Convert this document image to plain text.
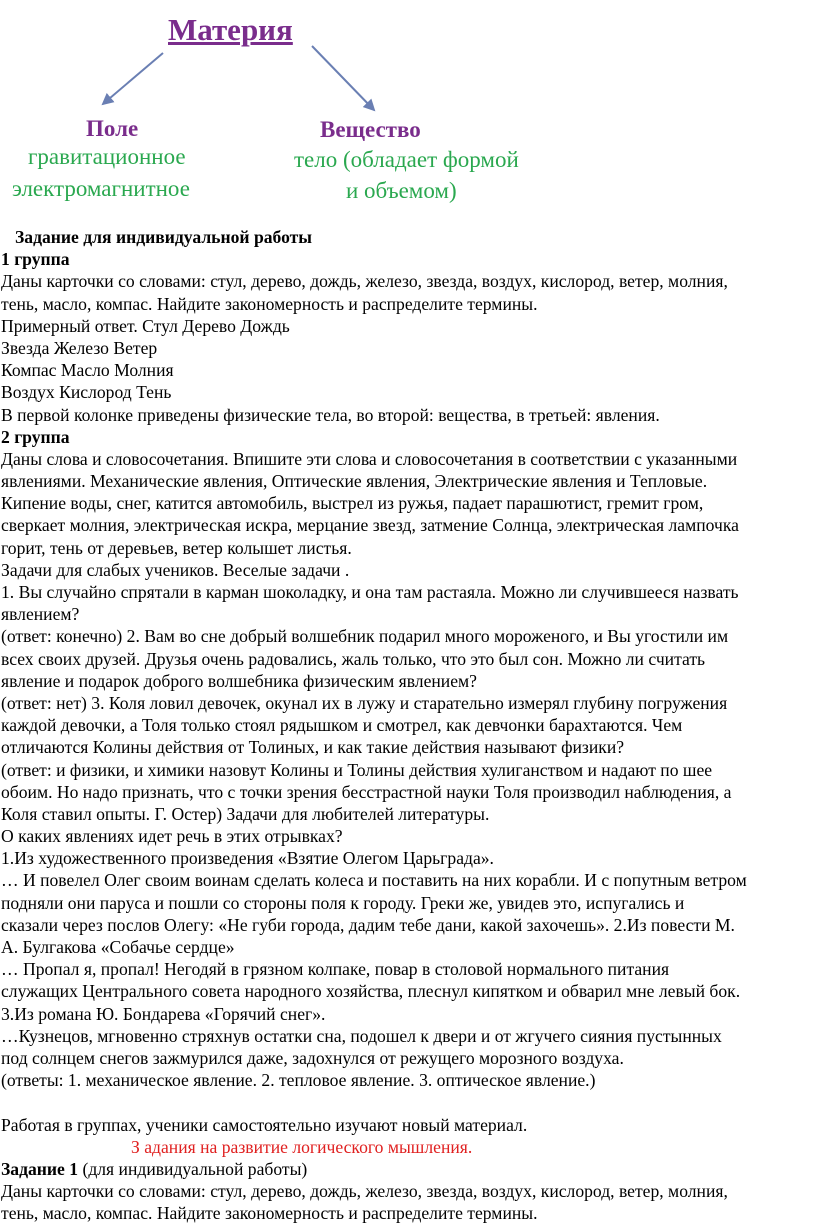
Материя
Поле
гравитационное
электромагнитное
Вещество
тело (обладает формой
и объемом)
Задание для индивидуальной работы
1 группа
Даны карточки со словами: стул, дерево, дождь, железо, звезда, воздух, кислород, ветер, молния,
тень, масло, компас. Найдите закономерность и распределите термины.
Примерный ответ. Стул Дерево Дождь
Звезда Железо Ветер
Компас Масло Молния
Воздух Кислород Тень
В первой колонке приведены физические тела, во второй: вещества, в третьей: явления.
2 группа
Даны слова и словосочетания. Впишите эти слова и словосочетания в соответствии с указанными
явлениями. Механические явления, Оптические явления, Электрические явления и Тепловые.
Кипение воды, снег, катится автомобиль, выстрел из ружья, падает парашютист, гремит гром,
сверкает молния, электрическая искра, мерцание звезд, затмение Солнца, электрическая лампочка
горит, тень от деревьев, ветер колышет листья.
Задачи для слабых учеников. Веселые задачи .
1. Вы случайно спрятали в карман шоколадку, и она там растаяла. Можно ли случившееся назвать
явлением?
(ответ: конечно) 2. Вам во сне добрый волшебник подарил много мороженого, и Вы угостили им
всех своих друзей. Друзья очень радовались, жаль только, что это был сон. Можно ли считать
явление и подарок доброго волшебника физическим явлением?
(ответ: нет) 3. Коля ловил девочек, окунал их в лужу и старательно измерял глубину погружения
каждой девочки, а Толя только стоял рядышком и смотрел, как девчонки барахтаются. Чем
отличаются Колины действия от Толиных, и как такие действия называют физики?
(ответ: и физики, и химики назовут Колины и Толины действия хулиганством и надают по шее
обоим. Но надо признать, что с точки зрения бесстрастной науки Толя производил наблюдения, а
Коля ставил опыты. Г. Остер) Задачи для любителей литературы.
О каких явлениях идет речь в этих отрывках?
1.Из художественного произведения «Взятие Олегом Царьграда».
… И повелел Олег своим воинам сделать колеса и поставить на них корабли. И с попутным ветром
подняли они паруса и пошли со стороны поля к городу. Греки же, увидев это, испугались и
сказали через послов Олегу: «Не губи города, дадим тебе дани, какой захочешь». 2.Из повести М.
А. Булгакова «Собачье сердце»
… Пропал я, пропал! Негодяй в грязном колпаке, повар в столовой нормального питания
служащих Центрального совета народного хозяйства, плеснул кипятком и обварил мне левый бок.
3.Из романа Ю. Бондарева «Горячий снег».
…Кузнецов, мгновенно стряхнув остатки сна, подошел к двери и от жгучего сияния пустынных
под солнцем снегов зажмурился даже, задохнулся от режущего морозного воздуха.
(ответы: 1. механическое явление. 2. тепловое явление. 3. оптическое явление.)
Работая в группах, ученики самостоятельно изучают новый материал.
З адания на развитие логического мышления.
Задание 1 (для индивидуальной работы)
Даны карточки со словами: стул, дерево, дождь, железо, звезда, воздух, кислород, ветер, молния,
тень, масло, компас. Найдите закономерность и распределите термины.
